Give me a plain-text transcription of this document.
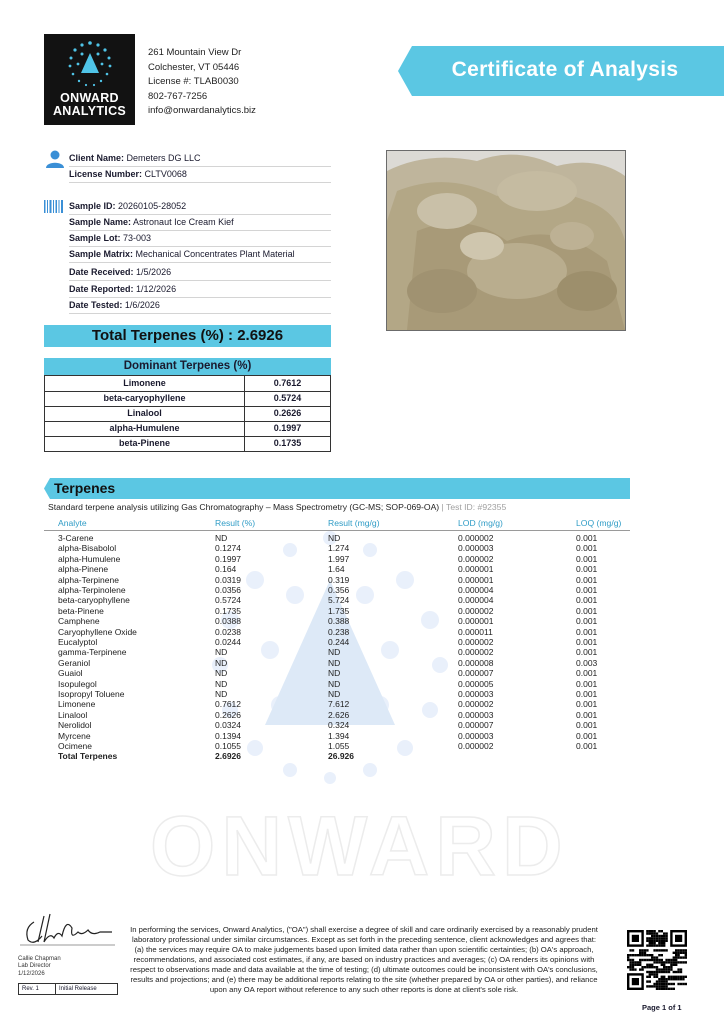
ONWARD
ONWARD
ANALYTICS
261 Mountain View Dr
Colchester, VT 05446
License #: TLAB0030
802-767-7256
info@onwardanalytics.biz
Certificate of Analysis
Client Name: Demeters DG LLC
License Number: CLTV0068
Sample ID: 20260105-28052
Sample Name: Astronaut Ice Cream Kief
Sample Lot: 73-003
Sample Matrix: Mechanical Concentrates Plant Material
Date Received: 1/5/2026
Date Reported: 1/12/2026
Date Tested: 1/6/2026
Total Terpenes (%) : 2.6926
Dominant Terpenes (%)
Limonene	0.7612
beta-caryophyllene	0.5724
Linalool	0.2626
alpha-Humulene	0.1997
beta-Pinene	0.1735
Terpenes
Standard terpene analysis utilizing Gas Chromatography – Mass Spectrometry (GC-MS; SOP-069-OA) | Test ID: #92355
Analyte	Result (%)	Result (mg/g)	LOD (mg/g)	LOQ (mg/g)
3-Carene	ND	ND	0.000002	0.001
alpha-Bisabolol	0.1274	1.274	0.000003	0.001
alpha-Humulene	0.1997	1.997	0.000002	0.001
alpha-Pinene	0.164	1.64	0.000001	0.001
alpha-Terpinene	0.0319	0.319	0.000001	0.001
alpha-Terpinolene	0.0356	0.356	0.000004	0.001
beta-caryophyllene	0.5724	5.724	0.000004	0.001
beta-Pinene	0.1735	1.735	0.000002	0.001
Camphene	0.0388	0.388	0.000001	0.001
Caryophyllene Oxide	0.0238	0.238	0.000011	0.001
Eucalyptol	0.0244	0.244	0.000002	0.001
gamma-Terpinene	ND	ND	0.000002	0.001
Geraniol	ND	ND	0.000008	0.003
Guaiol	ND	ND	0.000007	0.001
Isopulegol	ND	ND	0.000005	0.001
Isopropyl Toluene	ND	ND	0.000003	0.001
Limonene	0.7612	7.612	0.000002	0.001
Linalool	0.2626	2.626	0.000003	0.001
Nerolidol	0.0324	0.324	0.000007	0.001
Myrcene	0.1394	1.394	0.000003	0.001
Ocimene	0.1055	1.055	0.000002	0.001
Total Terpenes	2.6926	26.926
Callie Chapman
Lab Director
1/12/2026
Rev. 1	Initial Release
In performing the services, Onward Analytics, ("OA") shall exercise a degree of skill and care ordinarily exercised by a reasonably prudent laboratory professional under similar circumstances. Except as set forth in the preceding sentence, client acknowledges and agrees that: (a) the services may require OA to make judgements based upon limited data rather than upon scientific certainties; (b) OA's approach, recommendations, and associated cost estimates, if any, are based on industry practices and averages; (c) OA renders its opinions with respect to observations made and data available at the time of testing; (d) ultimate outcomes could be inconsistent with OA's conclusions, results and projections; and (e) there may be additional reports relating to the site (whether prepared by OA or other parties), and reliance upon any OA report without reference to any such other reports is done at client's sole risk.
Page 1 of 1
